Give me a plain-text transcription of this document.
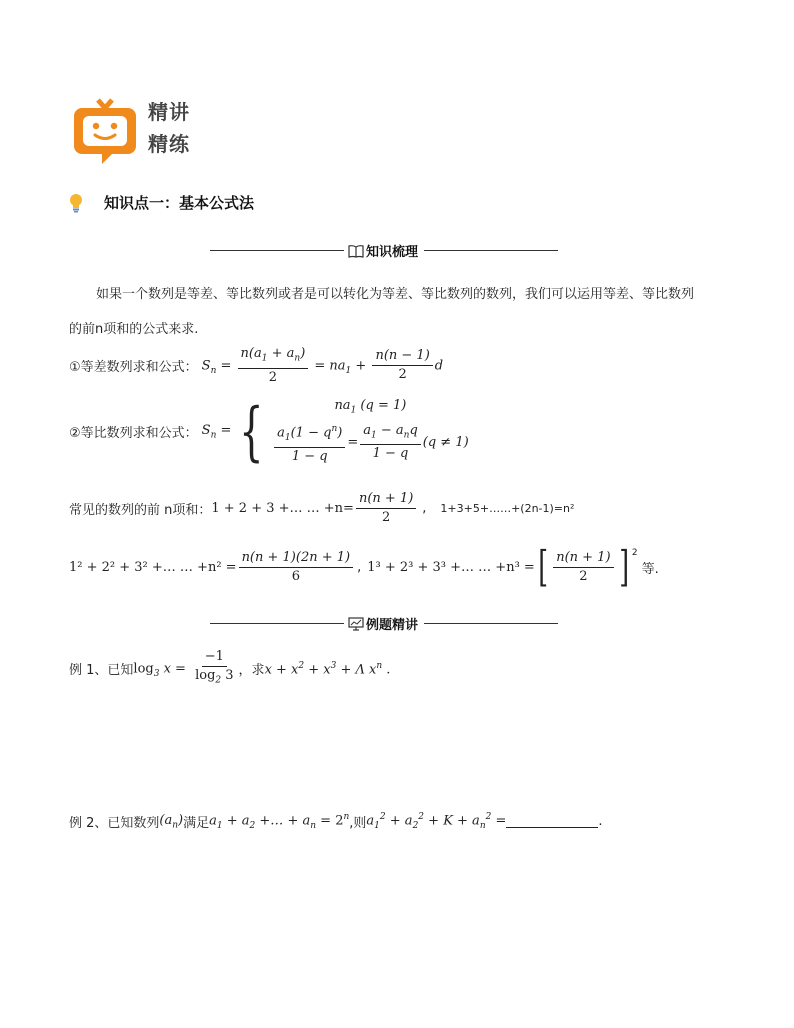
精讲
精练
知识点一：基本公式法
知识梳理
如果一个数列是等差、等比数列或者是可以转化为等差、等比数列的数列，我们可以运用等差、等比数列
的前n项和的公式来求.
①等差数列求和公式： $S_n = \frac{n(a_1 + a_n)}{2} = na_1 + \frac{n(n - 1)}{2}$ d
②等比数列求和公式： $S_n$ = {	$na_1$ (q = 1)
$\frac{a_1(1 - q^n)}{1 - q} = \frac{a_1 - a_nq}{1 - q} (q \ne 1)$
常见的数列的前 n项和： 1 + 2 + 3 +… … $+n= \frac{n(n + 1)}{2}$ , 1+3+5+……+(2n-1)=n²
1² + 2² + 3² +… … $+n^2 = \frac{n(n + 1)(2n + 1)}{6}$ , 1³ + 2³ + 3³ +… … +n³ = [ $\frac{n(n + 1)}{2}$ ] $^2$
等.
例题精讲
例 1、已知 $\log_3 x = \frac{-1}{\log_2 3}$ ，求 $x + x^2 + x^3 + \Lambda$ $x^n$ .
例 2、已知数列 $(a_n)$ 满足 $a_1 + a_2$ +… + $a_n = 2^n$ ,则 $a_1^2 + a_2^2 + K + a_n^2$ =	.
